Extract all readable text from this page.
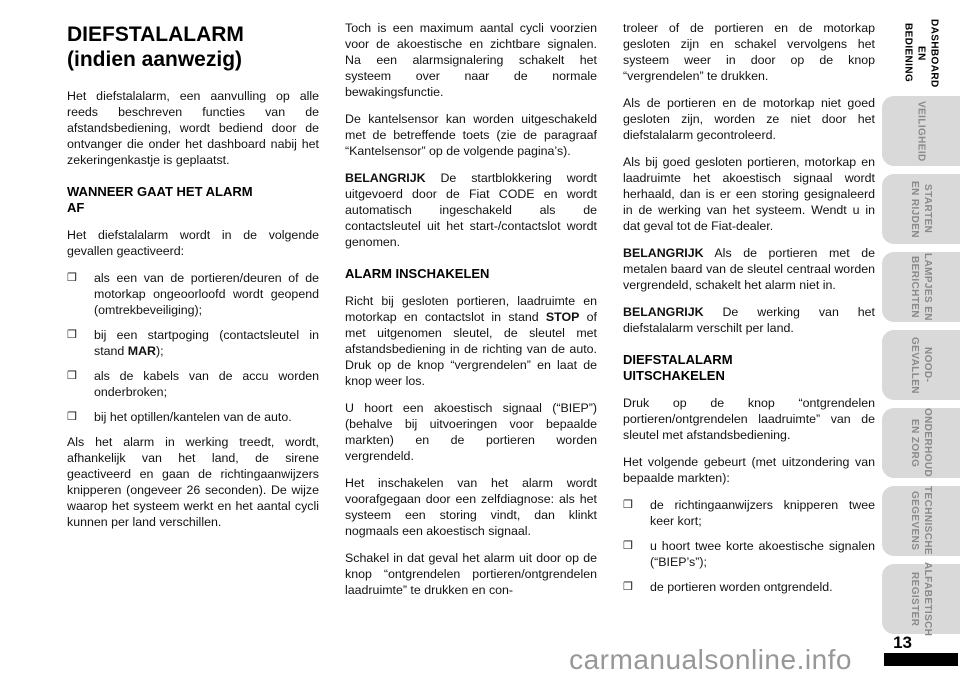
DIEFSTALALARM
(indien aanwezig)

Het diefstalalarm, een aanvulling op alle reeds beschreven functies van de afstandsbediening, wordt bediend door de ontvanger die onder het dashboard nabij het zekeringenkastje is geplaatst.

WANNEER GAAT HET ALARM AF

Het diefstalalarm wordt in de volgende gevallen geactiveerd:

❒	als een van de portieren/deuren of de motorkap ongeoorloofd wordt geopend (omtrekbeveiliging);
❒	bij een startpoging (contactsleutel in stand MAR);
❒	als de kabels van de accu worden onderbroken;
❒	bij het optillen/kantelen van de auto.

Als het alarm in werking treedt, wordt, afhankelijk van het land, de sirene geactiveerd en gaan de richtingaanwijzers knipperen (ongeveer 26 seconden). De wijze waarop het systeem werkt en het aantal cycli kunnen per land verschillen.

Toch is een maximum aantal cycli voorzien voor de akoestische en zichtbare signalen. Na een alarmsignalering schakelt het systeem over naar de normale bewakingsfunctie.

De kantelsensor kan worden uitgeschakeld met de betreffende toets (zie de paragraaf “Kantelsensor” op de volgende pagina’s).

BELANGRIJK De startblokkering wordt uitgevoerd door de Fiat CODE en wordt automatisch ingeschakeld als de contactsleutel uit het start-/contactslot wordt genomen.

ALARM INSCHAKELEN

Richt bij gesloten portieren, laadruimte en motorkap en contactslot in stand STOP of met uitgenomen sleutel, de sleutel met afstandsbediening in de richting van de auto. Druk op de knop “vergrendelen” en laat de knop weer los.

U hoort een akoestisch signaal (“BIEP”) (behalve bij uitvoeringen voor bepaalde markten) en de portieren worden vergrendeld.

Het inschakelen van het alarm wordt voorafgegaan door een zelfdiagnose: als het systeem een storing vindt, dan klinkt nogmaals een akoestisch signaal.

Schakel in dat geval het alarm uit door op de knop “ontgrendelen portieren/ontgrendelen laadruimte” te drukken en con-

troleer of de portieren en de motorkap gesloten zijn en schakel vervolgens het systeem weer in door op de knop “vergrendelen” te drukken.

Als de portieren en de motorkap niet goed gesloten zijn, worden ze niet door het diefstalalarm gecontroleerd.

Als bij goed gesloten portieren, motorkap en laadruimte het akoestisch signaal wordt herhaald, dan is er een storing gesignaleerd in de werking van het systeem. Wendt u in dat geval tot de Fiat-dealer.

BELANGRIJK Als de portieren met de metalen baard van de sleutel centraal worden vergrendeld, schakelt het alarm niet in.

BELANGRIJK De werking van het diefstalalarm verschilt per land.

DIEFSTALALARM
UITSCHAKELEN

Druk op de knop “ontgrendelen portieren/ontgrendelen laadruimte” van de sleutel met afstandsbediening.

Het volgende gebeurt (met uitzondering van bepaalde markten):

❒	de richtingaanwijzers knipperen twee keer kort;
❒	u hoort twee korte akoestische signalen (“BIEP’s”);
❒	de portieren worden ontgrendeld.
DASHBOARD
EN BEDIENING
VEILIGHEID
STARTEN
EN RIJDEN
LAMPJES EN
BERICHTEN
NOOD-
GEVALLEN
ONDERHOUD
EN ZORG
TECHNISCHE
GEGEVENS
ALFABETISCH
REGISTER
13
carmanualsonline.info
